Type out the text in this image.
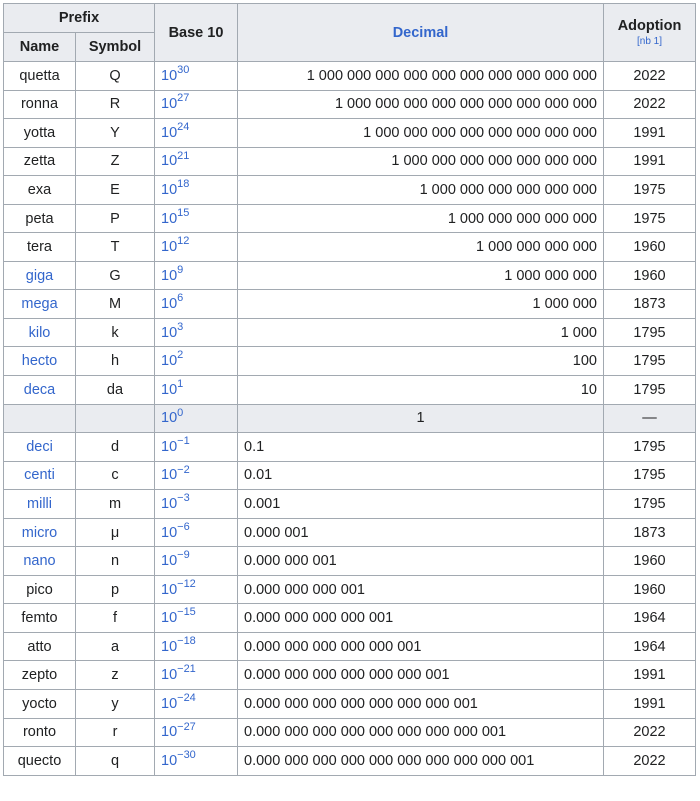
Prefix		Base 10	Decimal	Adoption
[nb 1]

Name	Symbol			
quetta	Q	$10^{30}$	1 000 000 000 000 000 000 000 000 000 000	2022
ronna	R	$10^{27}$	1 000 000 000 000 000 000 000 000 000	2022
yotta	Y	$10^{24}$	1 000 000 000 000 000 000 000 000	1991
zetta	Z	$10^{21}$	1 000 000 000 000 000 000 000	1991
exa	E	$10^{18}$	1 000 000 000 000 000 000	1975
peta	P	$10^{15}$	1 000 000 000 000 000	1975
tera	T	$10^{12}$	1 000 000 000 000	1960
giga	G	$10^9$	1 000 000 000	1960
mega	M	$10^6$	1 000 000	1873
kilo	k	$10^3$	1 000	1795
hecto	h	$10^2$	100	1795
deca	da	$10^1$	10	1795
		$10^0$	1	—
deci	d	$10^{-1}$	0.1	1795
centi	c	$10^{-2}$	0.01	1795
milli	m	$10^{-3}$	0.001	1795
micro	μ	$10^{-6}$	0.000 001	1873
nano	n	$10^{-9}$	0.000 000 001	1960
pico	p	$10^{-12}$	0.000 000 000 001	1960
femto	f	$10^{-15}$	0.000 000 000 000 001	1964
atto	a	$10^{-18}$	0.000 000 000 000 000 001	1964
zepto	z	$10^{-21}$	0.000 000 000 000 000 000 001	1991
yocto	y	$10^{-24}$	0.000 000 000 000 000 000 000 001	1991
ronto	r	$10^{-27}$	0.000 000 000 000 000 000 000 000 001	2022
quecto	q	$10^{-30}$	0.000 000 000 000 000 000 000 000 000 001	2022
